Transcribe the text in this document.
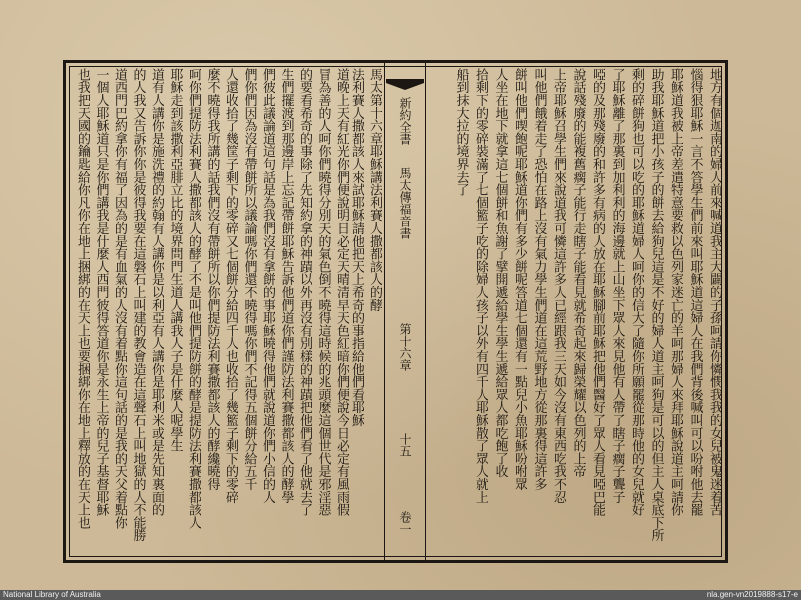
新約全書
馬太傳福音書
第十六章
十五
卷一
也我把天國的鑰匙給你凡你在地上捆綁的在天上也要捆綁你在地上釋放的在天上也 一個人耶穌道只是你們講我是什麼人西門彼得答道你是永生上帝的兒子基督耶穌 道西門巴約拿你有福了因為的是有血氣的人沒有着點你這句話的是我的天父着點你 的人我又告訴你你是彼得我要在這磐石上叫建的教會造在這聲石上叫地獄的人不能勝 道有人講你是施洗禮的約翰有人講你是以利亞有人講你是耶利米或是先知裏面的 耶穌走到該撒利亞腓立比的境界問門生道人講我人子是什麼人呢學生 呵你們提防法利賽人撒都該人的酵了不是叫他們提防餅的酵是提防法利賽撒都該人 麼不曉得我所講的話我們沒有帶餅所以你們提防法利賽撒都該人的酵纔曉得 人還收拾了幾筐子剩下的零碎又七個餅分給四千人也收拾了幾籃子剩下的零碎 們你們因為沒有帶餅所以議論嗎你們還不曉得嗎你們不記得五個餅分給五千 們彼此議論道這句話是為我們沒有拿餅的事耶穌曉得他們就說道你們小信的人 生們擺渡到那邊岸上忘記帶餅耶穌告訴他們道你們謹防法利賽撒都該人的酵學 的要看希奇的事除了先知約拿的神蹟以外再沒有別樣的神蹟把他們看了他就去了 冒為善的人呵你們曉得分別天的氣色倒不曉得這時候的兆頭麼這個世代是邪淫惡 道晚上天有紅光你們便說明日必定天晴清早天色紅暗你們便說今日必定有風雨假	地方有個迦南的婦人前來喊道我主大闢的子孫呵請你憐憫我我的女兒被鬼迷着苦
惱得狠耶穌一言不答學生們前來叫耶穌道這婦人在我們背後喊叫可以吩咐他去罷
耶穌道我被上帝差遣特意要救以色列家迷亡的羊呵那婦人來拜耶穌說道主呵請你
助我耶穌道把小孩子的餅去給狗兒這是不好的婦人道主呵狗是可以的但主人桌底下所
剩的碎餅狗也可以吃的耶穌道婦人呵你的信大了隨你所願罷從那時他的女兒就好
了耶穌離了那裏到加利利的海邊就上山坐下眾人來見他有人帶了瞎子瘸子聾子
啞的及那殘廢的和許多有病的人放在耶穌腳前耶穌把他們醫好了眾人看見啞巴能
說話殘廢的能複舊瘸子能行走瞎子能看見就希奇起來歸榮耀以色列的上帝
上帝耶穌召學生們來說道我可憐這許多人已經跟我三天如今沒有東西吃我不忍
叫他們餓着走了恐怕在路上沒有氣力學生們道在這荒野地方從那裏得這許多
餅叫他們喫飽呢耶穌道你們有多少餅呢答道七個還有一點兒小魚耶穌吩咐眾
人坐在地下就拿這七個餅和魚謝了擘開遞給學生學生遞給眾人都吃飽了收
拾剩下的零碎裝滿了七個籃子吃的除婦人孩子以外有四千人耶穌散了眾人就上
船到抹大拉的境界去了
馬太第十六章耶穌講法利賽人撒都該人的酵
法利賽人撒都該人來試耶穌請他把天上希奇的事指給他們看耶穌
National Library of Australia	nla.gen-vn2019888-s17-e
